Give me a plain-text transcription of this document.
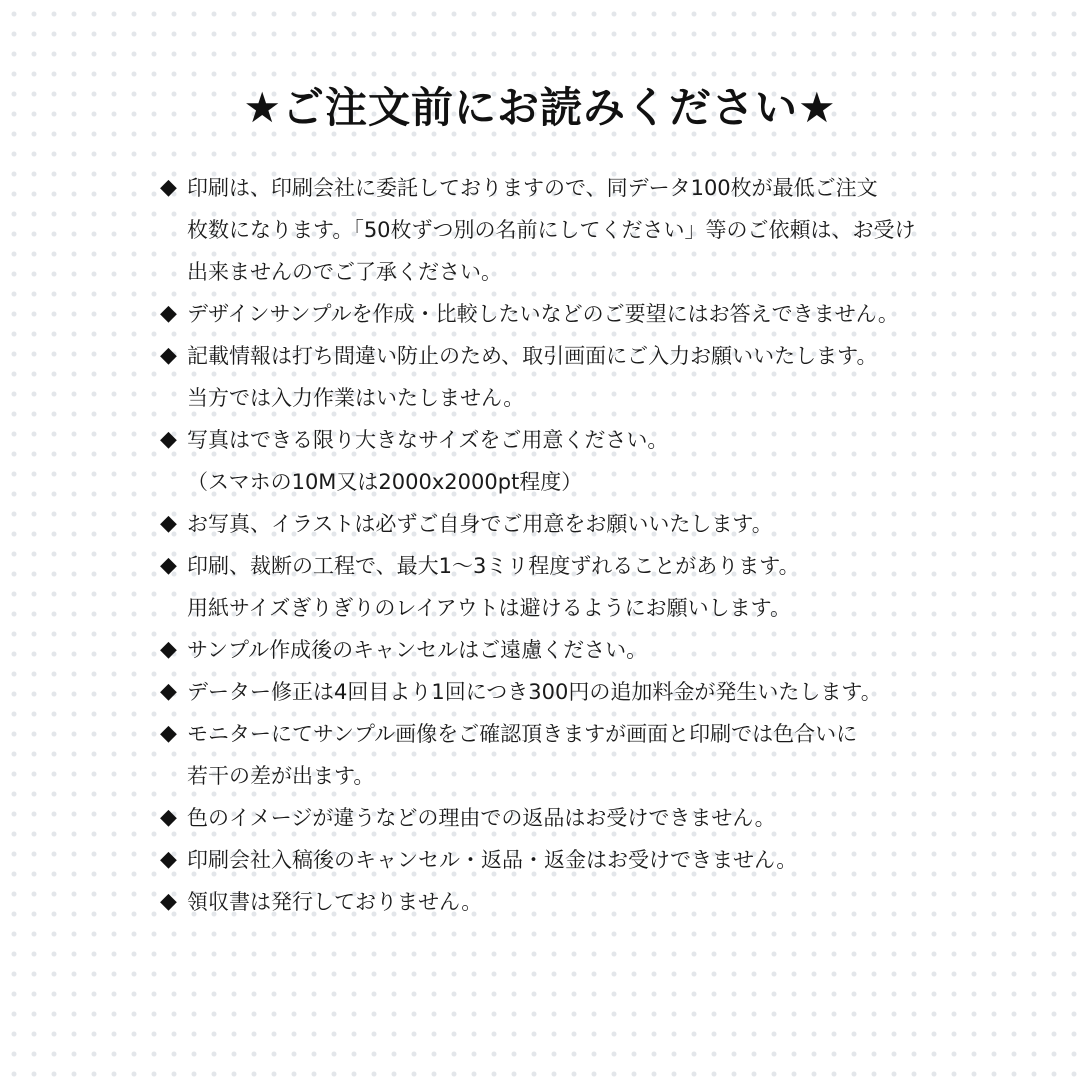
★ご注文前にお読みください★
◆ 印刷は、印刷会社に委託しておりますので、同データ100枚が最低ご注文
枚数になります。「50枚ずつ別の名前にしてください」等のご依頼は、お受け
出来ませんのでご了承ください。
◆ デザインサンプルを作成・比較したいなどのご要望にはお答えできません。
◆ 記載情報は打ち間違い防止のため、取引画面にご入力お願いいたします。
当方では入力作業はいたしません。
◆ 写真はできる限り大きなサイズをご用意ください。
（スマホの10M又は2000x2000pt程度）
◆ お写真、イラストは必ずご自身でご用意をお願いいたします。
◆ 印刷、裁断の工程で、最大1～3ミリ程度ずれることがあります。
用紙サイズぎりぎりのレイアウトは避けるようにお願いします。
◆ サンプル作成後のキャンセルはご遠慮ください。
◆ データー修正は4回目より1回につき300円の追加料金が発生いたします。
◆ モニターにてサンプル画像をご確認頂きますが画面と印刷では色合いに
若干の差が出ます。
◆ 色のイメージが違うなどの理由での返品はお受けできません。
◆ 印刷会社入稿後のキャンセル・返品・返金はお受けできません。
◆ 領収書は発行しておりません。
